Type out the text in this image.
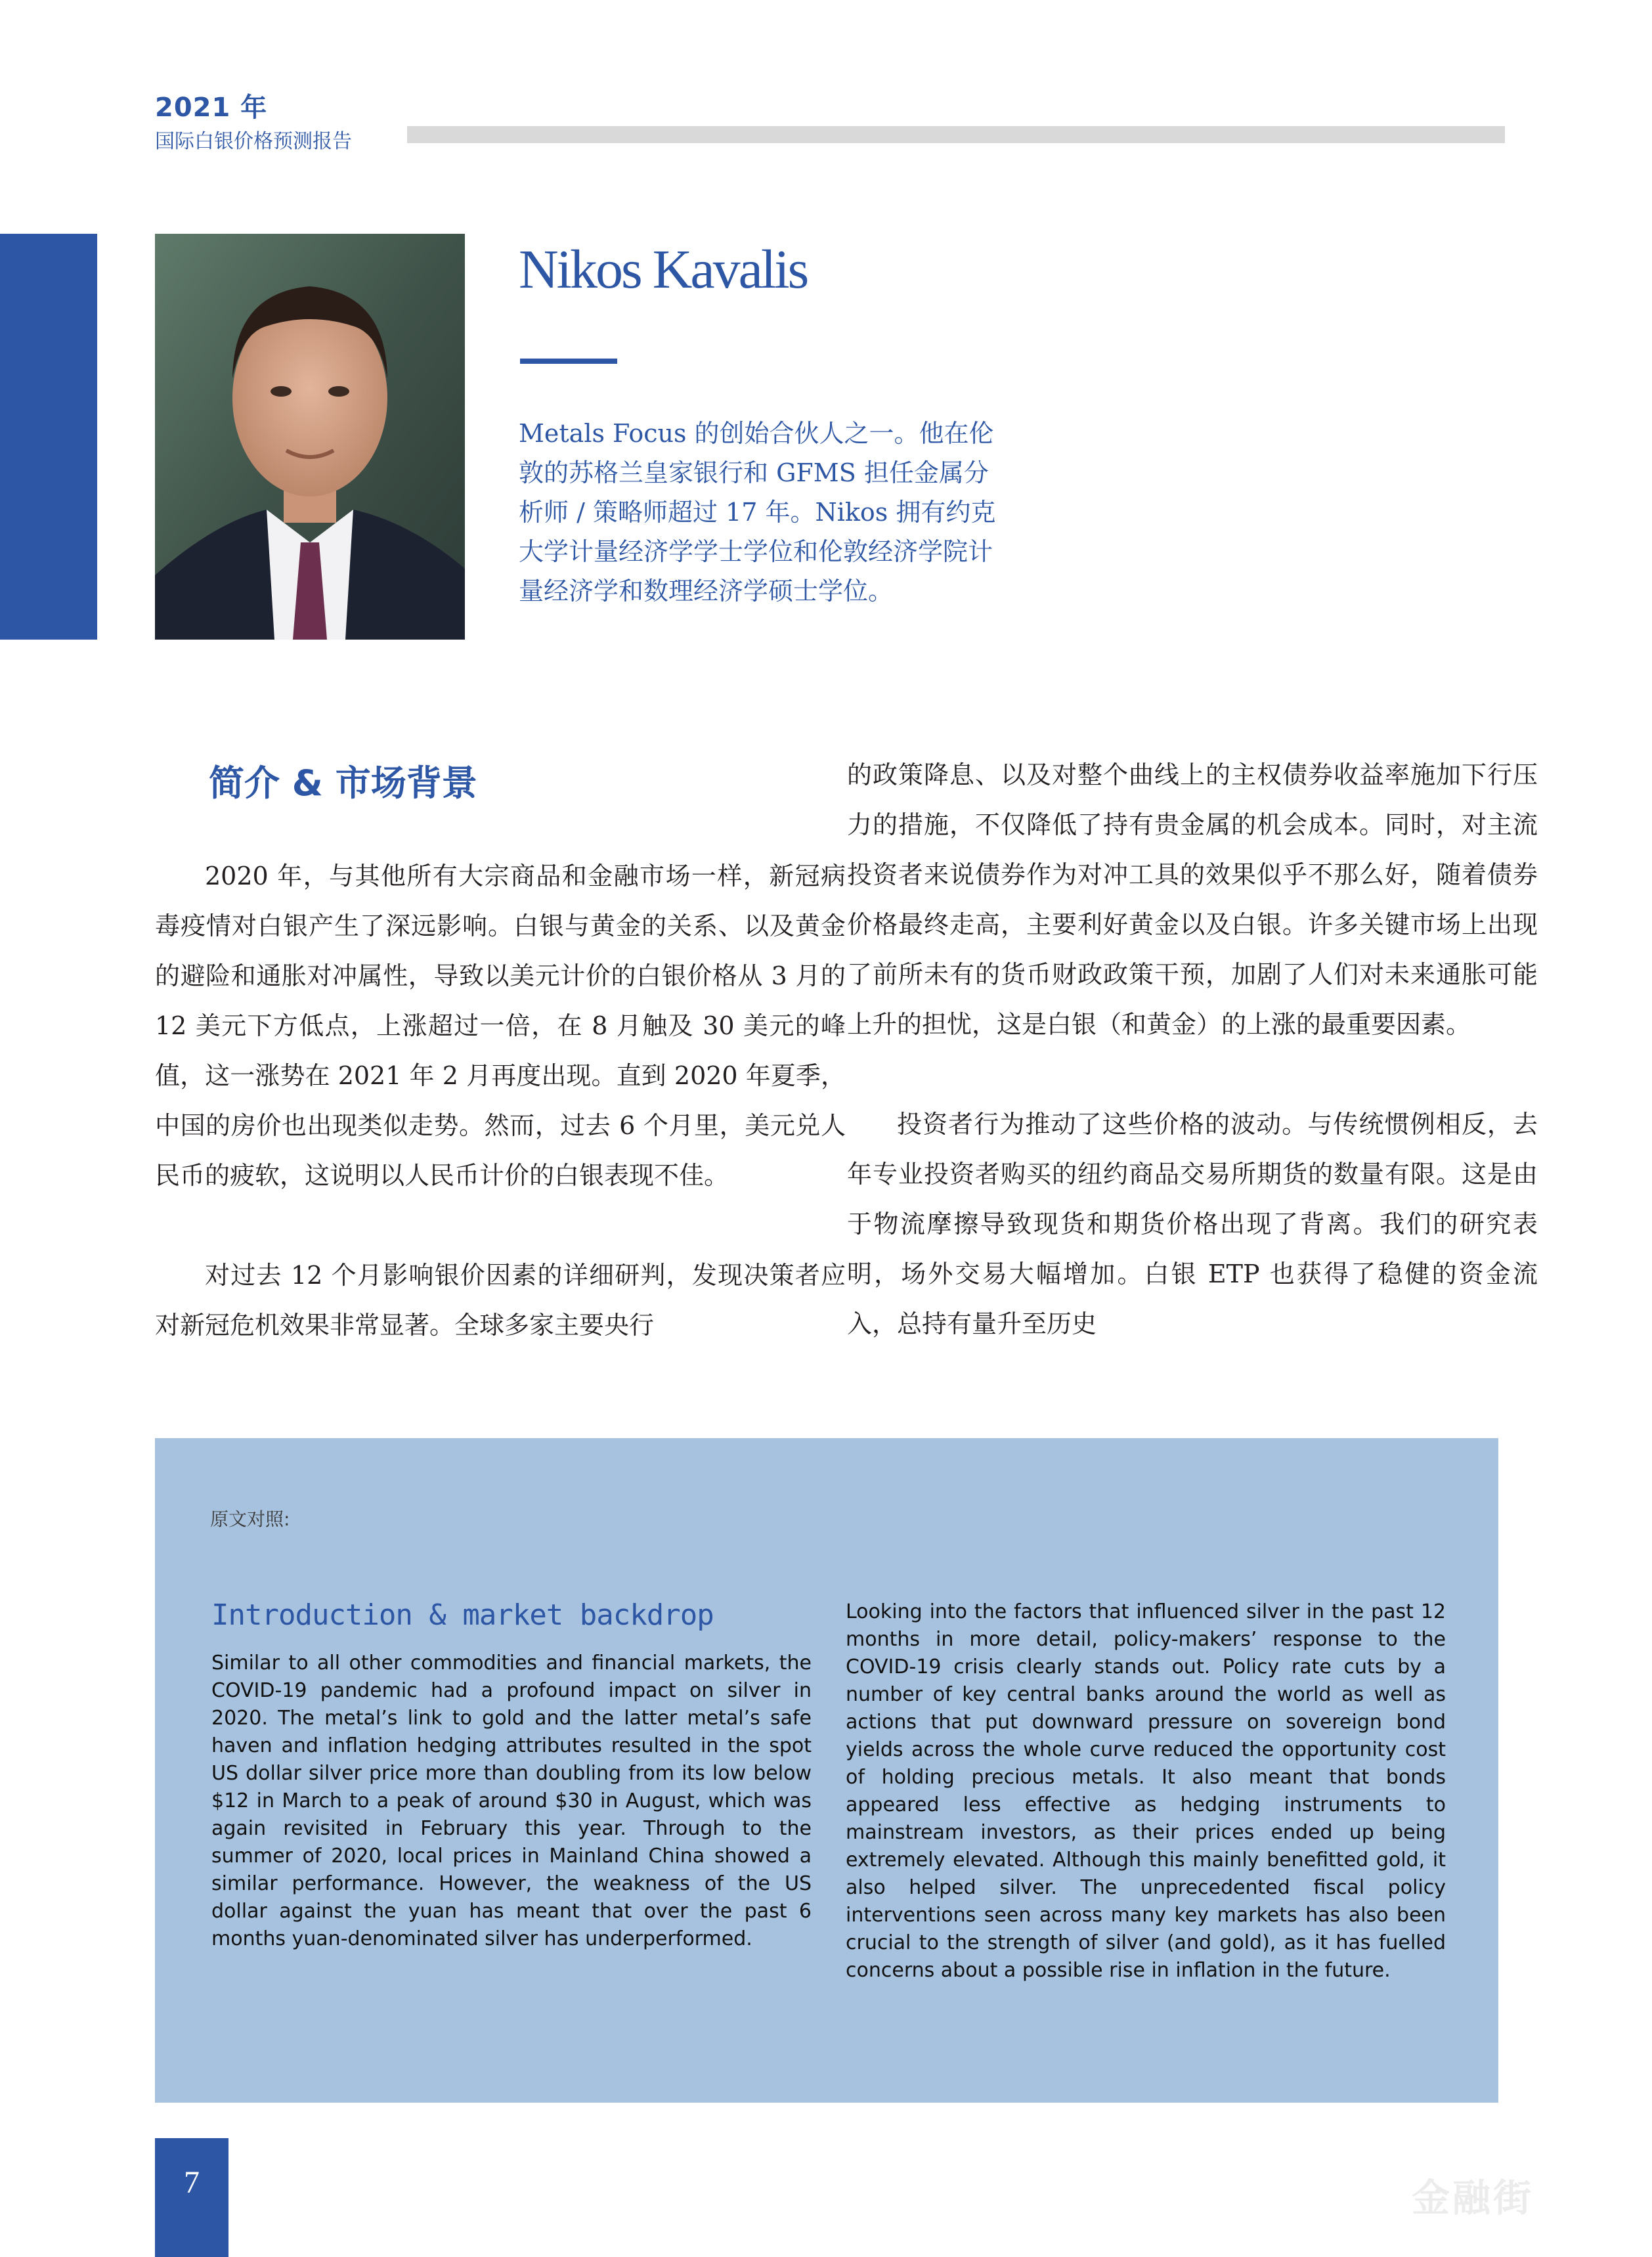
2021 年
国际白银价格预测报告
Nikos Kavalis
Metals Focus 的创始合伙人之一。他在伦敦的苏格兰皇家银行和 GFMS 担任金属分析师 / 策略师超过 17 年。Nikos 拥有约克大学计量经济学学士学位和伦敦经济学院计量经济学和数理经济学硕士学位。
简介 & 市场背景

2020 年，与其他所有大宗商品和金融市场一样，新冠病毒疫情对白银产生了深远影响。白银与黄金的关系、以及黄金的避险和通胀对冲属性，导致以美元计价的白银价格从 3 月的 12 美元下方低点，上涨超过一倍，在 8 月触及 30 美元的峰值，这一涨势在 2021 年 2 月再度出现。直到 2020 年夏季，中国的房价也出现类似走势。然而，过去 6 个月里，美元兑人民币的疲软，这说明以人民币计价的白银表现不佳。

对过去 12 个月影响银价因素的详细研判，发现决策者应对新冠危机效果非常显著。全球多家主要央行

的政策降息、以及对整个曲线上的主权债券收益率施加下行压力的措施，不仅降低了持有贵金属的机会成本。同时，对主流投资者来说债券作为对冲工具的效果似乎不那么好，随着债券价格最终走高，主要利好黄金以及白银。许多关键市场上出现了前所未有的货币财政政策干预，加剧了人们对未来通胀可能上升的担忧，这是白银（和黄金）的上涨的最重要因素。

投资者行为推动了这些价格的波动。与传统惯例相反，去年专业投资者购买的纽约商品交易所期货的数量有限。这是由于物流摩擦导致现货和期货价格出现了背离。我们的研究表明，场外交易大幅增加。白银 ETP 也获得了稳健的资金流入，总持有量升至历史

原文对照:
Introduction & market backdrop
Similar to all other commodities and financial markets, the COVID-19 pandemic had a profound impact on silver in 2020. The metal’s link to gold and the latter metal’s safe haven and inflation hedging attributes resulted in the spot US dollar silver price more than doubling from its low below $12 in March to a peak of around $30 in August, which was again revisited in February this year. Through to the summer of 2020, local prices in Mainland China showed a similar performance. However, the weakness of the US dollar against the yuan has meant that over the past 6 months yuan-denominated silver has underperformed.
Looking into the factors that influenced silver in the past 12 months in more detail, policy-makers’ response to the COVID-19 crisis clearly stands out. Policy rate cuts by a number of key central banks around the world as well as actions that put downward pressure on sovereign bond yields across the whole curve reduced the opportunity cost of holding precious metals. It also meant that bonds appeared less effective as hedging instruments to mainstream investors, as their prices ended up being extremely elevated. Although this mainly benefitted gold, it also helped silver. The unprecedented fiscal policy interventions seen across many key markets has also been crucial to the strength of silver (and gold), as it has fuelled concerns about a possible rise in inflation in the future.
7	金融街
